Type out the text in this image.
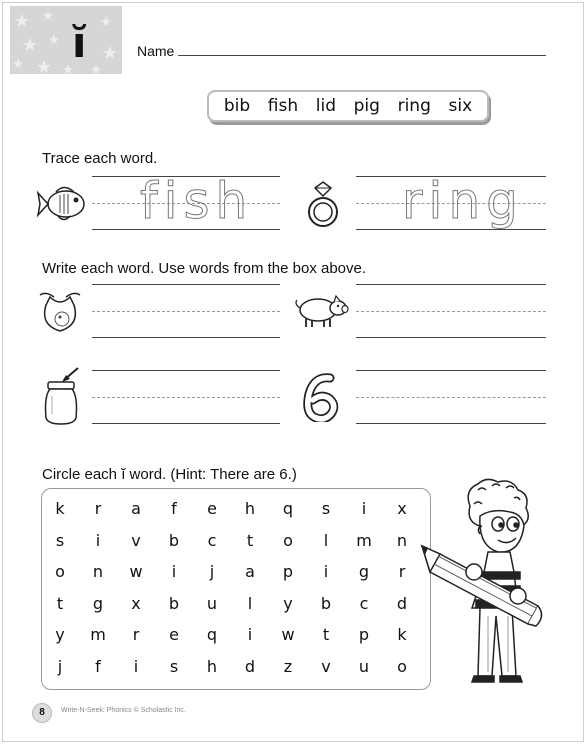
ĭ	Name
bib fish lid pig ring six
Trace each word.
fish	ring
Write each word. Use words from the box above.
Circle each ĭ word. (Hint: There are 6.)
k	r	a	f	e	h	q	s	i	x
s	i	v	b	c	t	o	l	m	n
o	n	w	i	j	a	p	i	g	r
t	g	x	b	u	l	y	b	c	d
y	m	r	e	q	i	w	t	p	k
j	f	i	s	h	d	z	v	u	o
8	Write-N-Seek: Phonics © Scholastic Inc.
